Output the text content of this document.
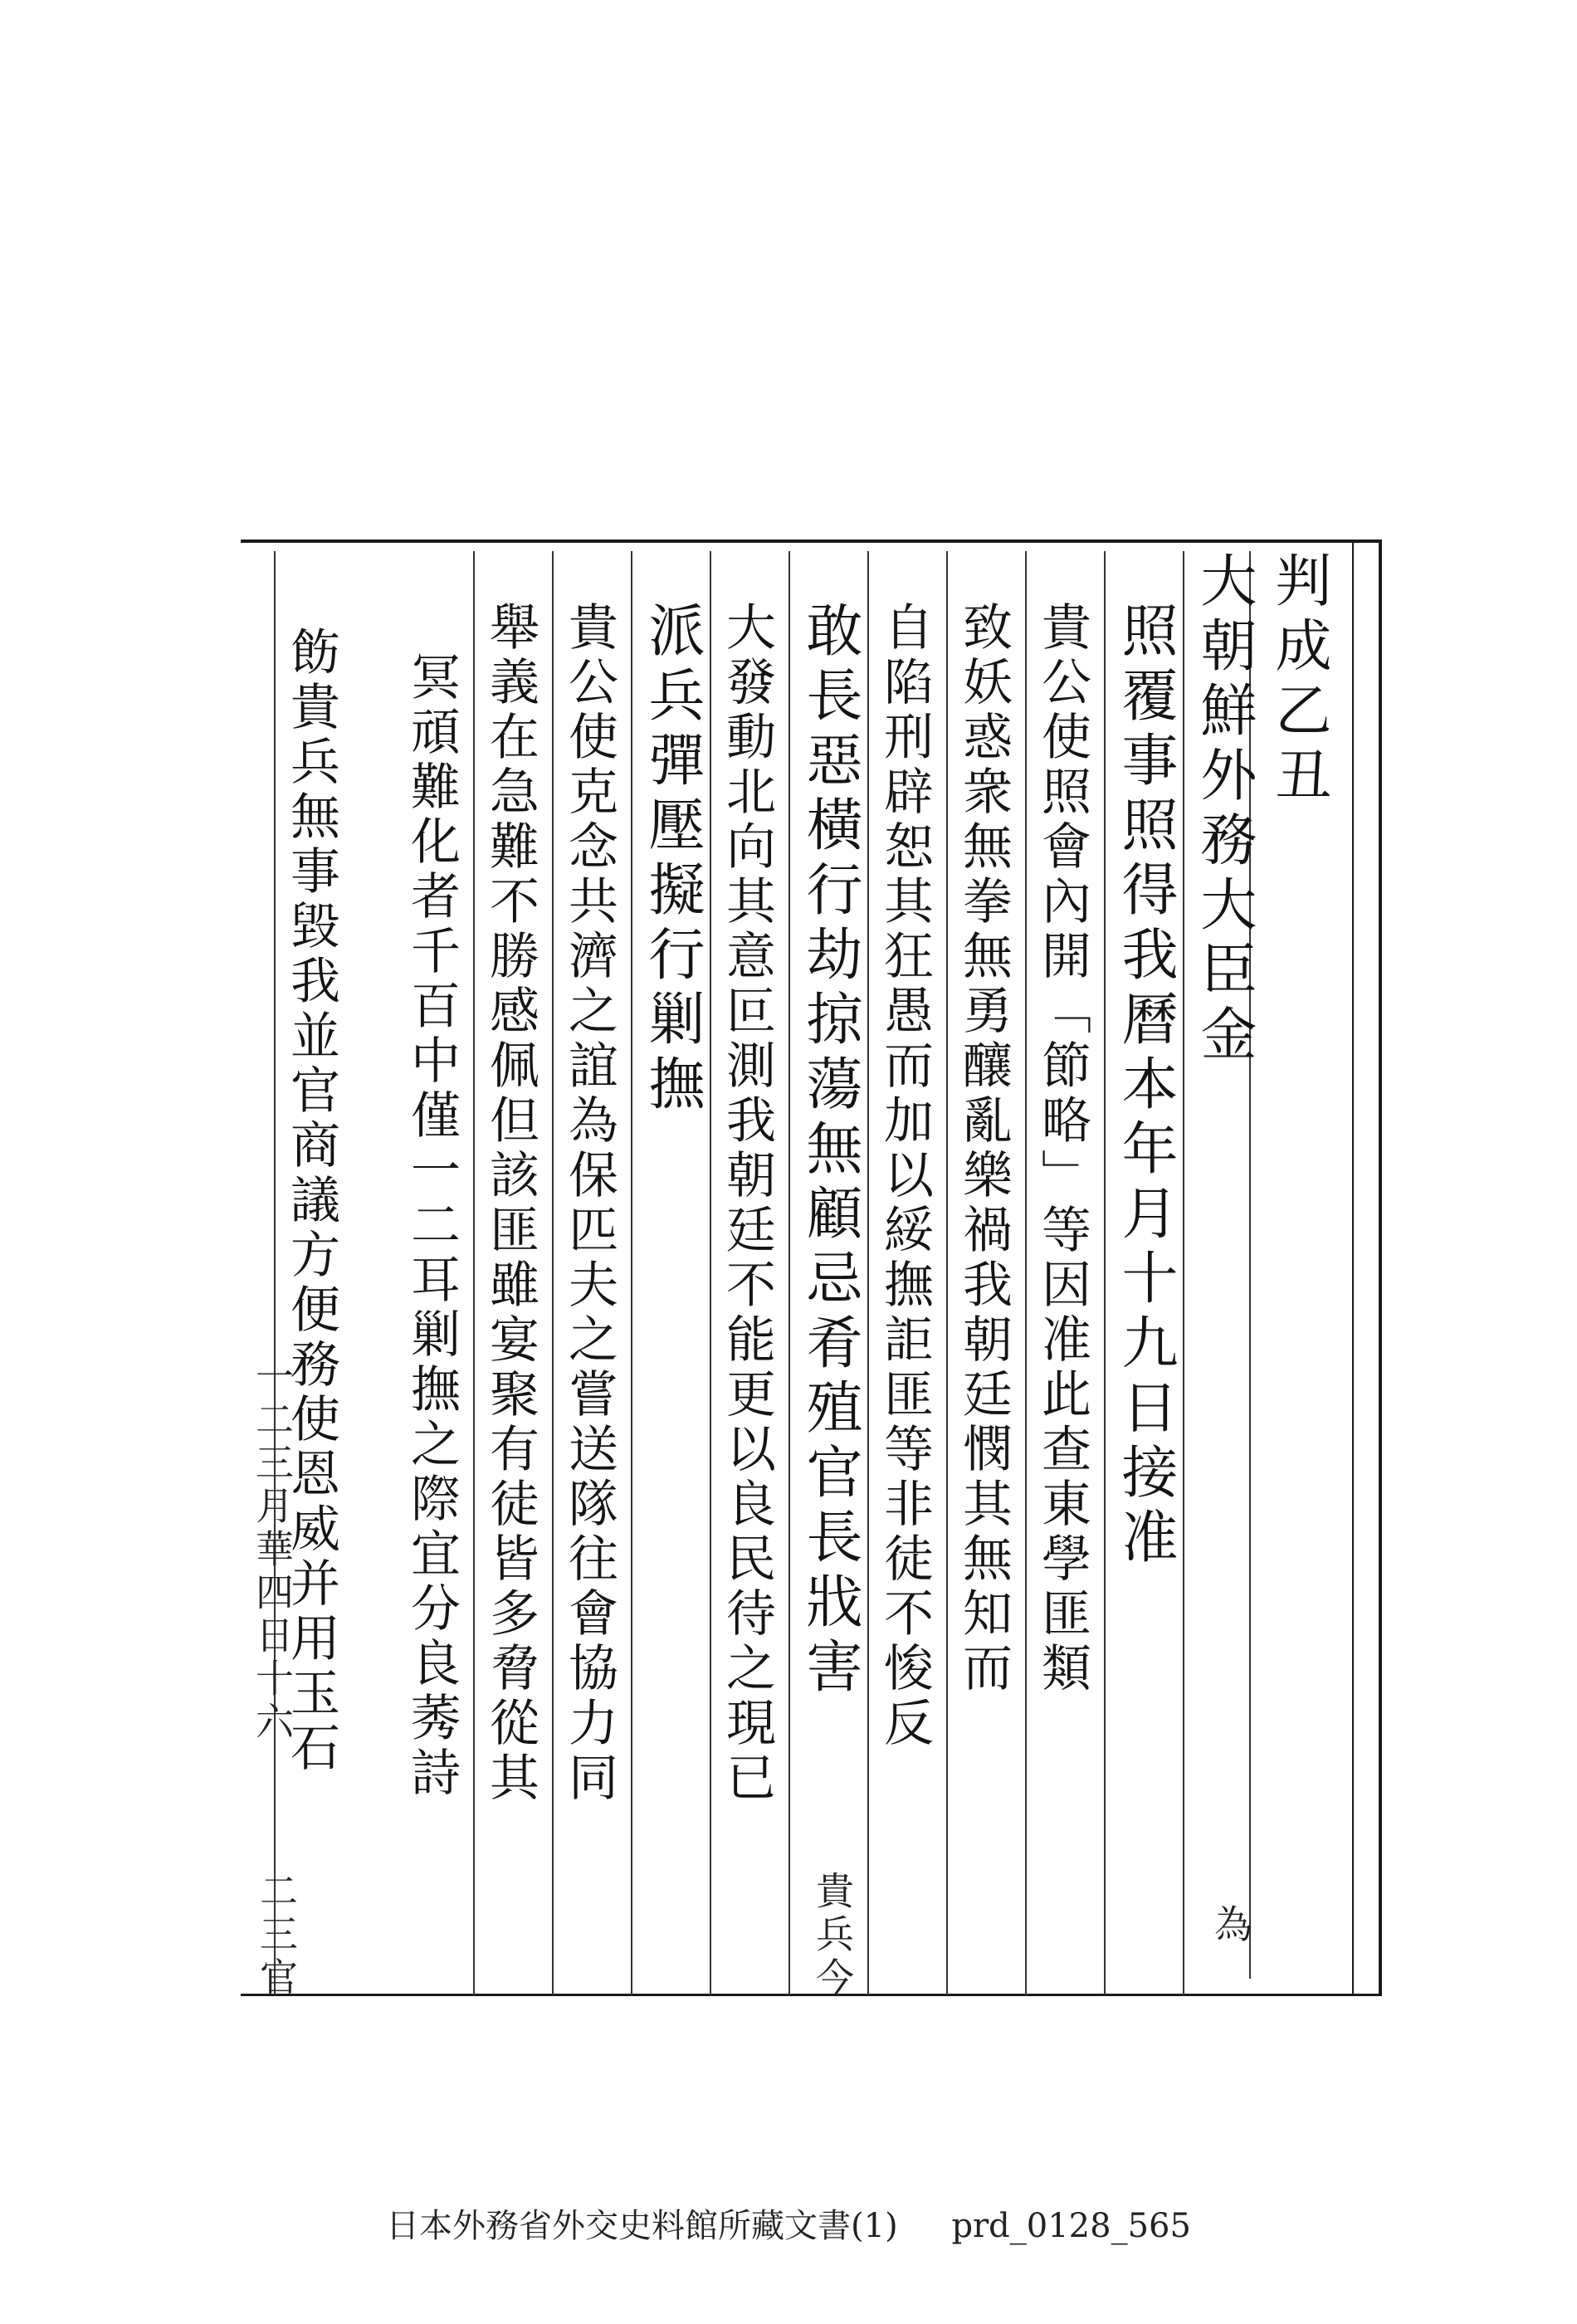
判成乙丑
大朝鮮外務大臣金
照覆事照得我曆本年月十九日接准
貴公使照會內開「節略」等因准此查東學匪類
致妖惑衆無拳無勇釀亂樂禍我朝廷憫其無知而
自陷刑辟恕其狂愚而加以綏撫詎匪等非徒不悛反
敢長惡橫行劫掠蕩無顧忌肴殖官長戕害
大發動北向其意叵測我朝廷不能更以良民待之現已
派兵彈壓擬行剿撫
貴公使克念共濟之誼為保匹夫之嘗送隊往會協力同
舉義在急難不勝感佩但該匪雖宴聚有徒皆多脅從其
冥頑難化者千百中僅一二耳剿撫之際宜分良莠詩
飭貴兵無事毀我並官商議方便務使恩威并用玉石
為
貴兵今
一二三月華四日十六
二三官
日本外務省外交史料館所藏文書(1) prd_0128_565
